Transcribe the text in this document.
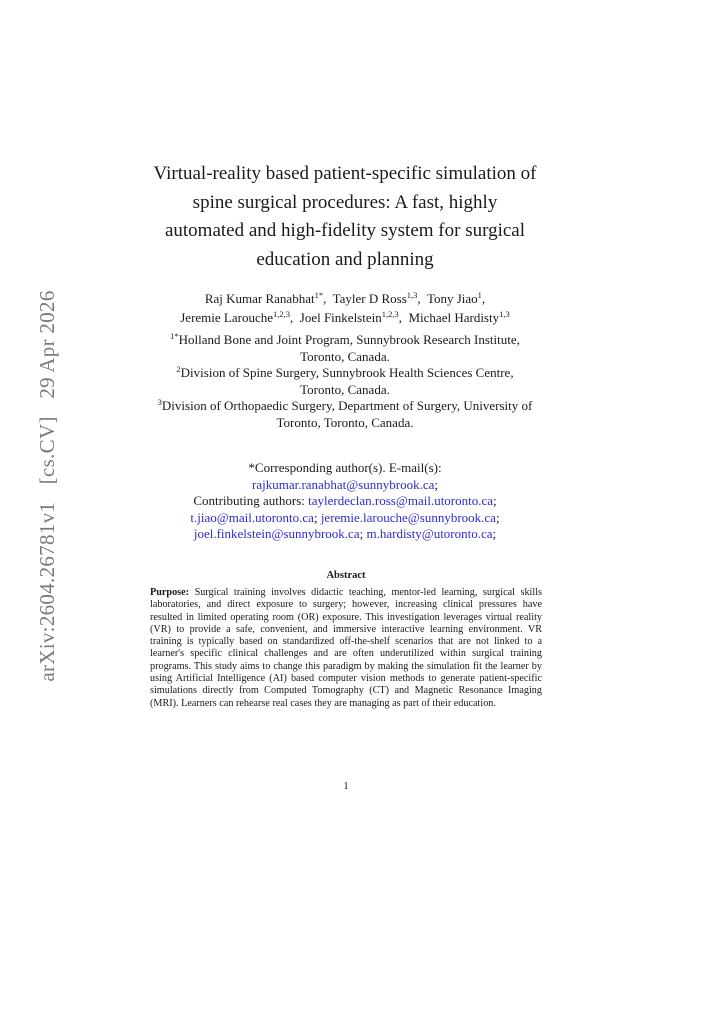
arXiv:2604.26781v1 [cs.CV] 29 Apr 2026
Virtual-reality based patient-specific simulation of
spine surgical procedures: A fast, highly
automated and high-fidelity system for surgical
education and planning
Raj Kumar Ranabhat$^{1*}$,  Tayler D Ross$^{1,3}$,  Tony Jiao$^1$,
Jeremie Larouche$^{1,2,3}$,  Joel Finkelstein$^{1,2,3}$,  Michael Hardisty$^{1,3}$
$^{1*}$Holland Bone and Joint Program, Sunnybrook Research Institute,
Toronto, Canada.
$^2$Division of Spine Surgery, Sunnybrook Health Sciences Centre,
Toronto, Canada.
$^3$Division of Orthopaedic Surgery, Department of Surgery, University of
Toronto, Toronto, Canada.
*Corresponding author(s). E-mail(s):
rajkumar.ranabhat@sunnybrook.ca;
Contributing authors: taylerdeclan.ross@mail.utoronto.ca;
t.jiao@mail.utoronto.ca; jeremie.larouche@sunnybrook.ca;
joel.finkelstein@sunnybrook.ca; m.hardisty@utoronto.ca;
Abstract
Purpose: Surgical training involves didactic teaching, mentor-led learning, surgical skills laboratories, and direct exposure to surgery; however, increasing clinical pressures have resulted in limited operating room (OR) exposure. This investigation leverages virtual reality (VR) to provide a safe, convenient, and immersive interactive learning environment. VR training is typically based on standardized off-the-shelf scenarios that are not linked to a learner's specific clinical challenges and are often underutilized within surgical training programs. This study aims to change this paradigm by making the simulation fit the learner by using Artificial Intelligence (AI) based computer vision methods to generate patient-specific simulations directly from Computed Tomography (CT) and Magnetic Resonance Imaging (MRI). Learners can rehearse real cases they are managing as part of their education.
1
